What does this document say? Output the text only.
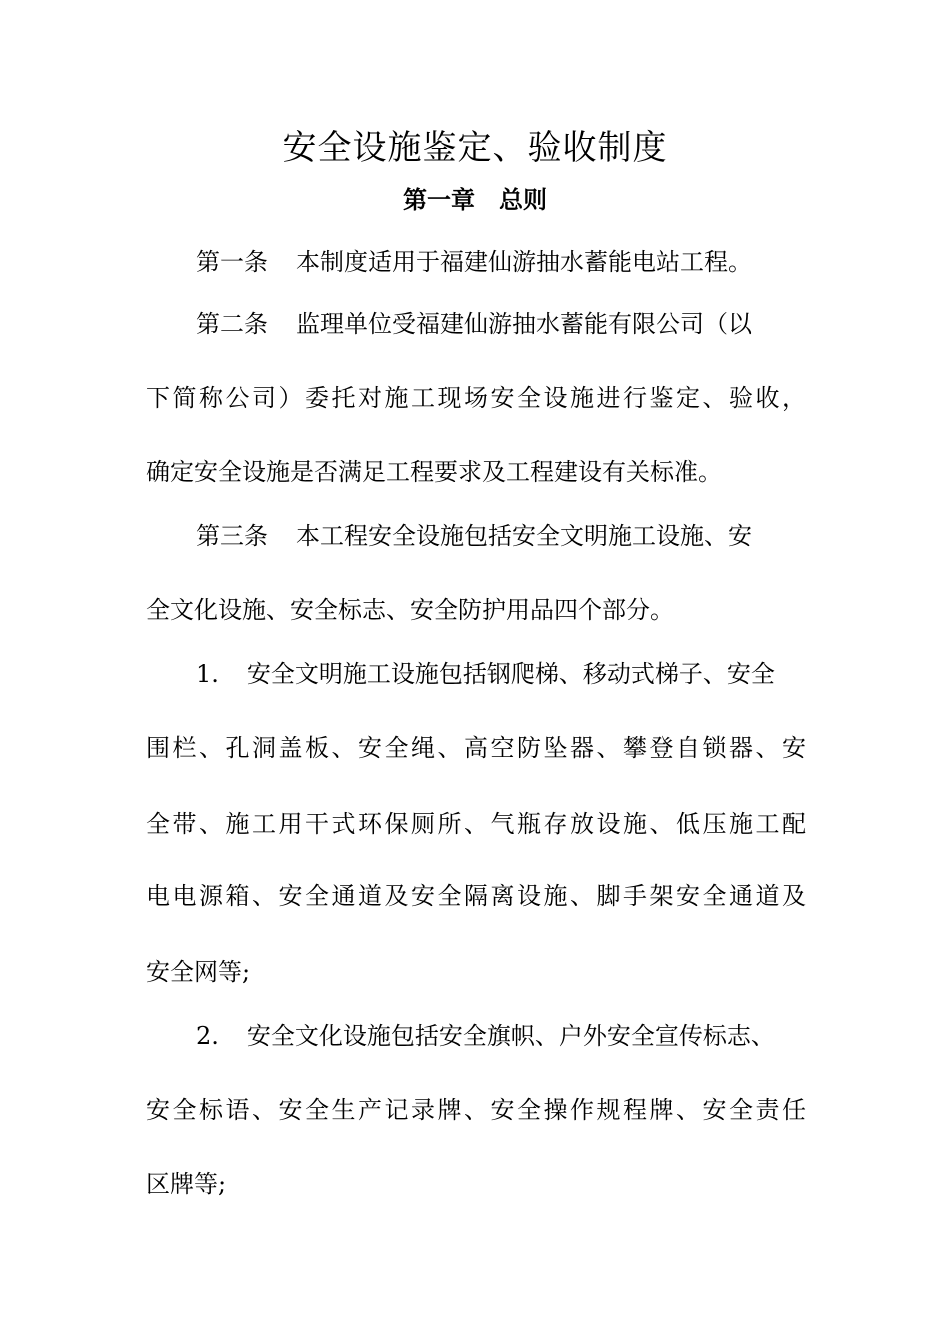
安全设施鉴定、验收制度
第一章　总则
第一条 本制度适用于福建仙游抽水蓄能电站工程。
第二条 监理单位受福建仙游抽水蓄能有限公司（以
下简称公司）委托对施工现场安全设施进行鉴定、验收，
确定安全设施是否满足工程要求及工程建设有关标准。
第三条 本工程安全设施包括安全文明施工设施、安
全文化设施、安全标志、安全防护用品四个部分。
1. 安全文明施工设施包括钢爬梯、移动式梯子、安全
围栏、孔洞盖板、安全绳、高空防坠器、攀登自锁器、安
全带、施工用干式环保厕所、气瓶存放设施、低压施工配
电电源箱、安全通道及安全隔离设施、脚手架安全通道及
安全网等;
2. 安全文化设施包括安全旗帜、户外安全宣传标志、
安全标语、安全生产记录牌、安全操作规程牌、安全责任
区牌等;
